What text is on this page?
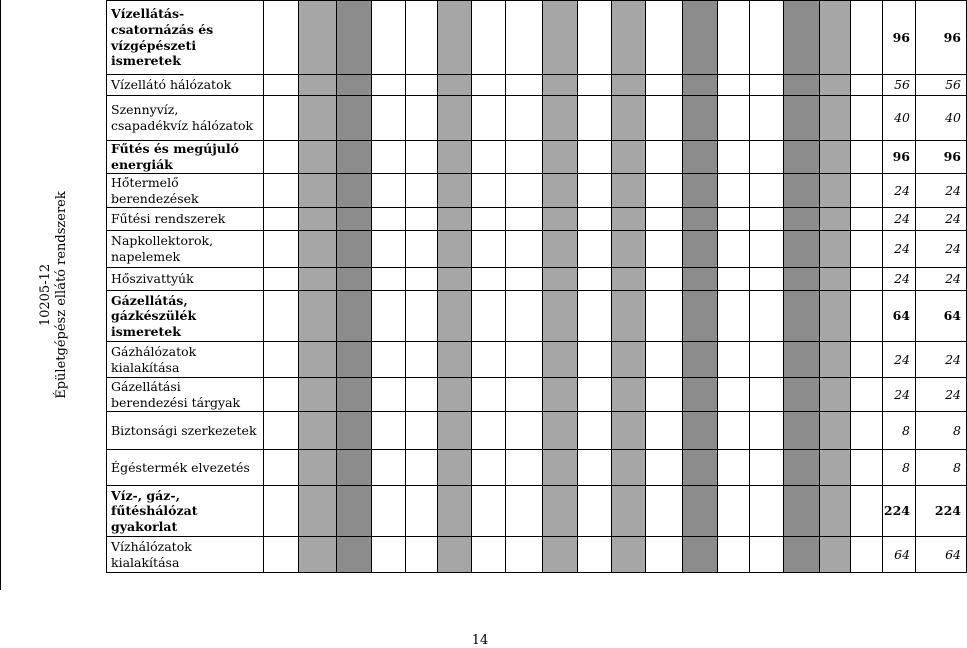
10205-12 Épületgépész ellátó rendszerek
Vízellátás-csatornázás és vízgépészeti ismeretek																			96	96
Vízellátó hálózatok																			56	56
Szennyvíz, csapadékvíz hálózatok																			40	40
Fűtés és megújuló energiák																			96	96
Hőtermelő berendezések																			24	24
Fűtési rendszerek																			24	24
Napkollektorok, napelemek																			24	24
Hőszivattyúk																			24	24
Gázellátás, gázkészülék ismeretek																			64	64
Gázhálózatok kialakítása																			24	24
Gázellátási berendezési tárgyak																			24	24
Biztonsági szerkezetek																			8	8
Égéstermék elvezetés																			8	8
Víz-, gáz-, fűtéshálózat gyakorlat																			224	224
Vízhálózatok kialakítása																			64	64
14
